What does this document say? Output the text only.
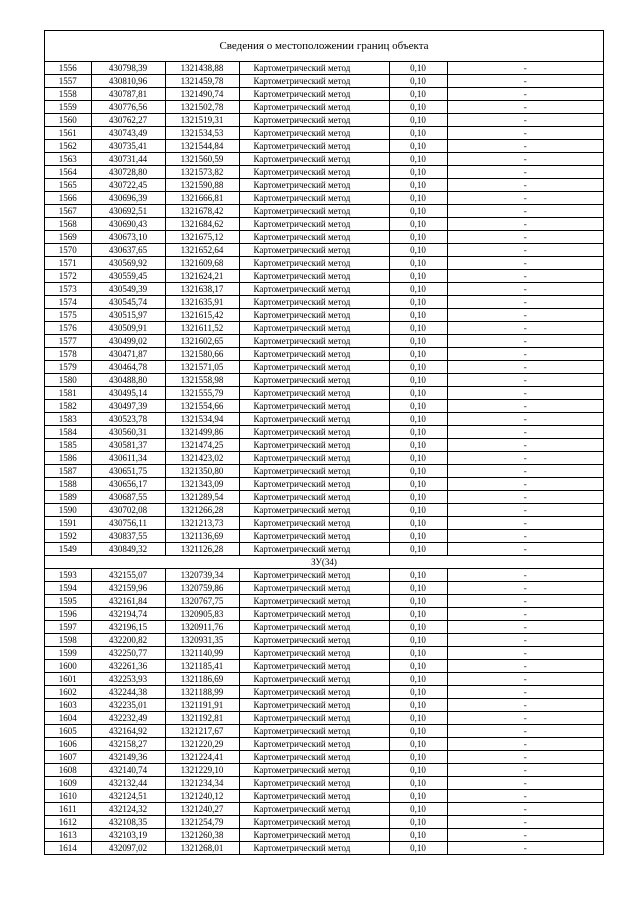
Сведения о местоположении границ объекта
1556	430798,39	1321438,88	Картометрический метод	0,10	-
1557	430810,96	1321459,78	Картометрический метод	0,10	-
1558	430787,81	1321490,74	Картометрический метод	0,10	-
1559	430776,56	1321502,78	Картометрический метод	0,10	-
1560	430762,27	1321519,31	Картометрический метод	0,10	-
1561	430743,49	1321534,53	Картометрический метод	0,10	-
1562	430735,41	1321544,84	Картометрический метод	0,10	-
1563	430731,44	1321560,59	Картометрический метод	0,10	-
1564	430728,80	1321573,82	Картометрический метод	0,10	-
1565	430722,45	1321590,88	Картометрический метод	0,10	-
1566	430696,39	1321666,81	Картометрический метод	0,10	-
1567	430692,51	1321678,42	Картометрический метод	0,10	-
1568	430690,43	1321684,62	Картометрический метод	0,10	-
1569	430673,10	1321675,12	Картометрический метод	0,10	-
1570	430637,65	1321652,64	Картометрический метод	0,10	-
1571	430569,92	1321609,68	Картометрический метод	0,10	-
1572	430559,45	1321624,21	Картометрический метод	0,10	-
1573	430549,39	1321638,17	Картометрический метод	0,10	-
1574	430545,74	1321635,91	Картометрический метод	0,10	-
1575	430515,97	1321615,42	Картометрический метод	0,10	-
1576	430509,91	1321611,52	Картометрический метод	0,10	-
1577	430499,02	1321602,65	Картометрический метод	0,10	-
1578	430471,87	1321580,66	Картометрический метод	0,10	-
1579	430464,78	1321571,05	Картометрический метод	0,10	-
1580	430488,80	1321558,98	Картометрический метод	0,10	-
1581	430495,14	1321555,79	Картометрический метод	0,10	-
1582	430497,39	1321554,66	Картометрический метод	0,10	-
1583	430523,78	1321534,94	Картометрический метод	0,10	-
1584	430560,31	1321499,86	Картометрический метод	0,10	-
1585	430581,37	1321474,25	Картометрический метод	0,10	-
1586	430611,34	1321423,02	Картометрический метод	0,10	-
1587	430651,75	1321350,80	Картометрический метод	0,10	-
1588	430656,17	1321343,09	Картометрический метод	0,10	-
1589	430687,55	1321289,54	Картометрический метод	0,10	-
1590	430702,08	1321266,28	Картометрический метод	0,10	-
1591	430756,11	1321213,73	Картометрический метод	0,10	-
1592	430837,55	1321136,69	Картометрический метод	0,10	-
1549	430849,32	1321126,28	Картометрический метод	0,10	-
ЗУ(34)					
1593	432155,07	1320739,34	Картометрический метод	0,10	-
1594	432159,96	1320759,86	Картометрический метод	0,10	-
1595	432161,84	1320767,75	Картометрический метод	0,10	-
1596	432194,74	1320905,83	Картометрический метод	0,10	-
1597	432196,15	1320911,76	Картометрический метод	0,10	-
1598	432200,82	1320931,35	Картометрический метод	0,10	-
1599	432250,77	1321140,99	Картометрический метод	0,10	-
1600	432261,36	1321185,41	Картометрический метод	0,10	-
1601	432253,93	1321186,69	Картометрический метод	0,10	-
1602	432244,38	1321188,99	Картометрический метод	0,10	-
1603	432235,01	1321191,91	Картометрический метод	0,10	-
1604	432232,49	1321192,81	Картометрический метод	0,10	-
1605	432164,92	1321217,67	Картометрический метод	0,10	-
1606	432158,27	1321220,29	Картометрический метод	0,10	-
1607	432149,36	1321224,41	Картометрический метод	0,10	-
1608	432140,74	1321229,10	Картометрический метод	0,10	-
1609	432132,44	1321234,34	Картометрический метод	0,10	-
1610	432124,51	1321240,12	Картометрический метод	0,10	-
1611	432124,32	1321240,27	Картометрический метод	0,10	-
1612	432108,35	1321254,79	Картометрический метод	0,10	-
1613	432103,19	1321260,38	Картометрический метод	0,10	-
1614	432097,02	1321268,01	Картометрический метод	0,10	-
